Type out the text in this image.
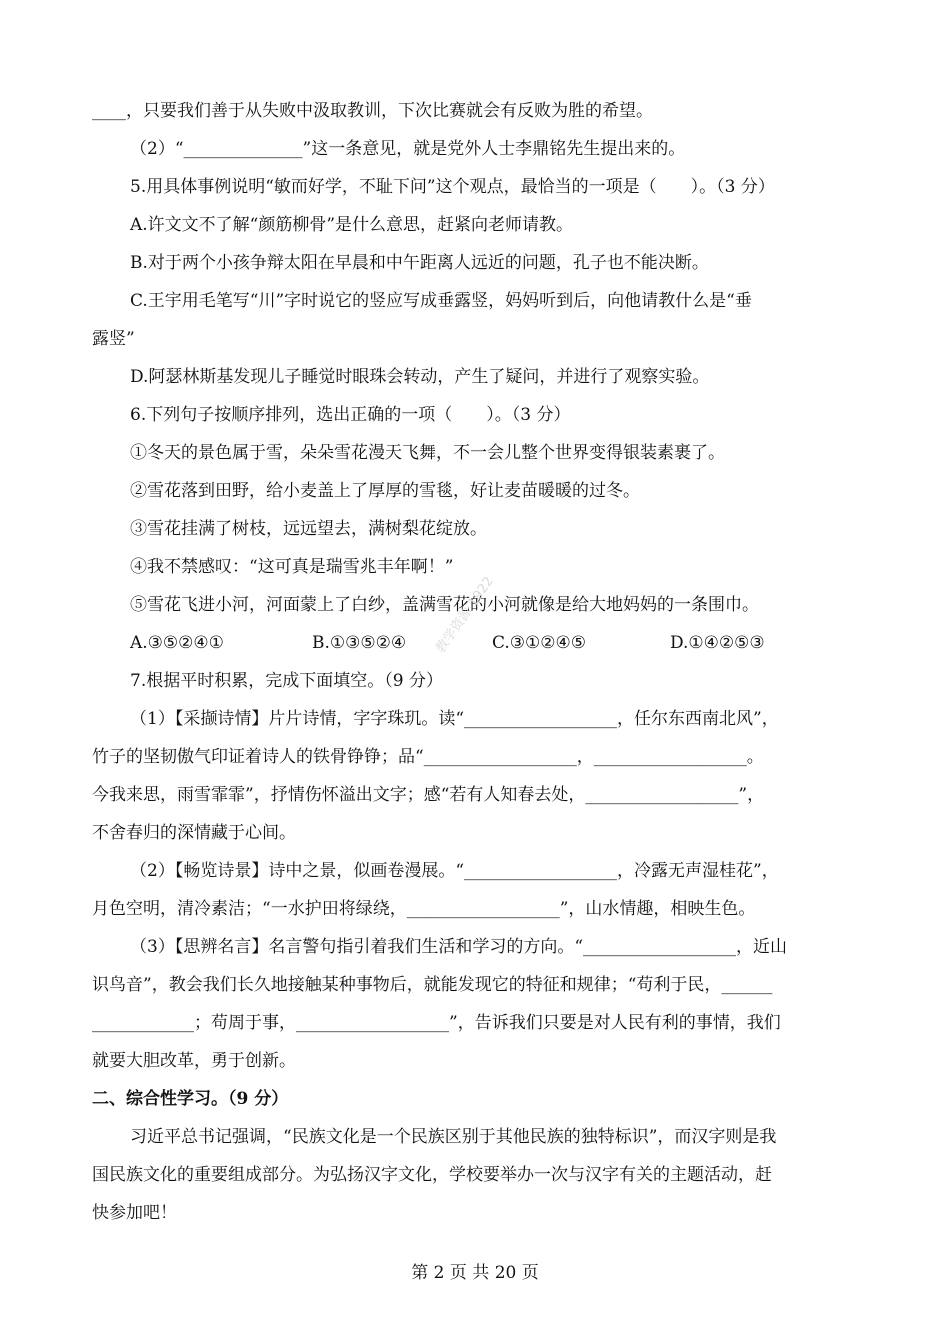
____，只要我们善于从失败中汲取教训，下次比赛就会有反败为胜的希望。
（2）“______________”这一条意见，就是党外人士李鼎铭先生提出来的。
5.用具体事例说明“敏而好学，不耻下问”这个观点，最恰当的一项是（　　）。（3 分）
A.许文文不了解“颜筋柳骨”是什么意思，赶紧向老师请教。
B.对于两个小孩争辩太阳在早晨和中午距离人远近的问题，孔子也不能决断。
C.王宇用毛笔写“川”字时说它的竖应写成垂露竖，妈妈听到后，向他请教什么是“垂
露竖”
D.阿瑟林斯基发现儿子睡觉时眼珠会转动，产生了疑问，并进行了观察实验。
6.下列句子按顺序排列，选出正确的一项（　　）。（3 分）
①冬天的景色属于雪，朵朵雪花漫天飞舞，不一会儿整个世界变得银装素裹了。
②雪花落到田野，给小麦盖上了厚厚的雪毯，好让麦苗暖暖的过冬。
③雪花挂满了树枝，远远望去，满树梨花绽放。
④我不禁感叹：“这可真是瑞雪兆丰年啊！”
⑤雪花飞进小河，河面蒙上了白纱，盖满雪花的小河就像是给大地妈妈的一条围巾。
A.③⑤②④①	B.①③⑤②④	C.③①②④⑤	D.①④②⑤③
7.根据平时积累，完成下面填空。（9 分）
（1）【采撷诗情】片片诗情，字字珠玑。读“__________________，任尔东西南北风”，
竹子的坚韧傲气印证着诗人的铁骨铮铮；品“__________________，__________________。
今我来思，雨雪霏霏”，抒情伤怀溢出文字；感“若有人知春去处，__________________”，
不舍春归的深情藏于心间。
（2）【畅览诗景】诗中之景，似画卷漫展。“__________________，冷露无声湿桂花”，
月色空明，清冷素洁；“一水护田将绿绕，__________________”，山水情趣，相映生色。
（3）【思辨名言】名言警句指引着我们生活和学习的方向。“__________________，近山
识鸟音”，教会我们长久地接触某种事物后，就能发现它的特征和规律；“苟利于民，______
____________；苟周于事，__________________”，告诉我们只要是对人民有利的事情，我们
就要大胆改革，勇于创新。
二、综合性学习。（9 分）
习近平总书记强调，“民族文化是一个民族区别于其他民族的独特标识”，而汉字则是我
国民族文化的重要组成部分。为弘扬汉字文化，学校要举办一次与汉字有关的主题活动，赶
快参加吧！
教学资源 1922
第 2 页 共 20 页
